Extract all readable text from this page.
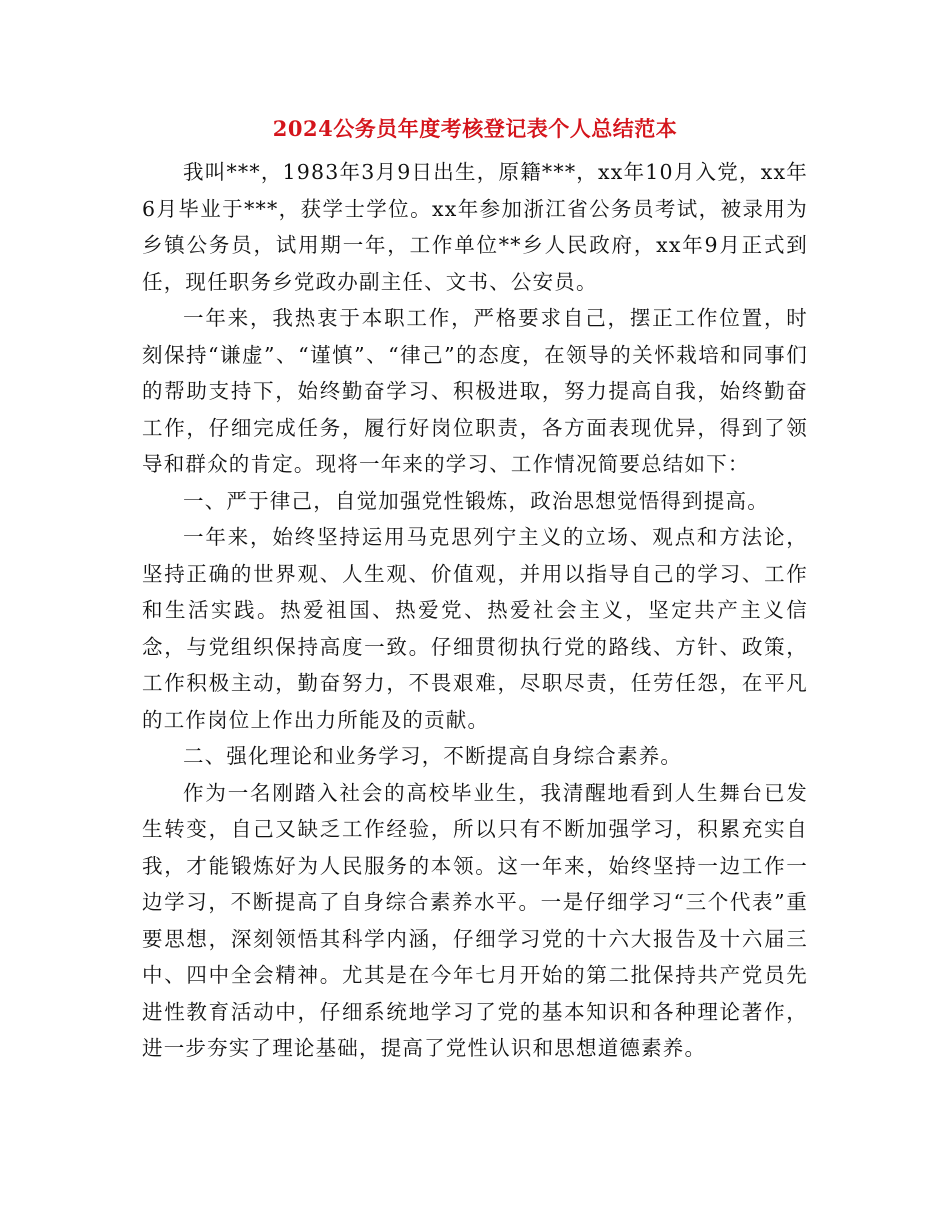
2024公务员年度考核登记表个人总结范本

我叫***，1983年3月9日出生，原籍***，xx年10月入党，xx年6月毕业于***，获学士学位。xx年参加浙江省公务员考试，被录用为乡镇公务员，试用期一年，工作单位**乡人民政府，xx年9月正式到任，现任职务乡党政办副主任、文书、公安员。

一年来，我热衷于本职工作，严格要求自己，摆正工作位置，时刻保持“谦虚”、“谨慎”、“律己”的态度，在领导的关怀栽培和同事们的帮助支持下，始终勤奋学习、积极进取，努力提高自我，始终勤奋工作，仔细完成任务，履行好岗位职责，各方面表现优异，得到了领导和群众的肯定。现将一年来的学习、工作情况简要总结如下：

一、严于律己，自觉加强党性锻炼，政治思想觉悟得到提高。

一年来，始终坚持运用马克思列宁主义的立场、观点和方法论，坚持正确的世界观、人生观、价值观，并用以指导自己的学习、工作和生活实践。热爱祖国、热爱党、热爱社会主义，坚定共产主义信念，与党组织保持高度一致。仔细贯彻执行党的路线、方针、政策，工作积极主动，勤奋努力，不畏艰难，尽职尽责，任劳任怨，在平凡的工作岗位上作出力所能及的贡献。

二、强化理论和业务学习，不断提高自身综合素养。

作为一名刚踏入社会的高校毕业生，我清醒地看到人生舞台已发生转变，自己又缺乏工作经验，所以只有不断加强学习，积累充实自我，才能锻炼好为人民服务的本领。这一年来，始终坚持一边工作一边学习，不断提高了自身综合素养水平。一是仔细学习“三个代表”重要思想，深刻领悟其科学内涵，仔细学习党的十六大报告及十六届三中、四中全会精神。尤其是在今年七月开始的第二批保持共产党员先进性教育活动中，仔细系统地学习了党的基本知识和各种理论著作，进一步夯实了理论基础，提高了党性认识和思想道德素养。
